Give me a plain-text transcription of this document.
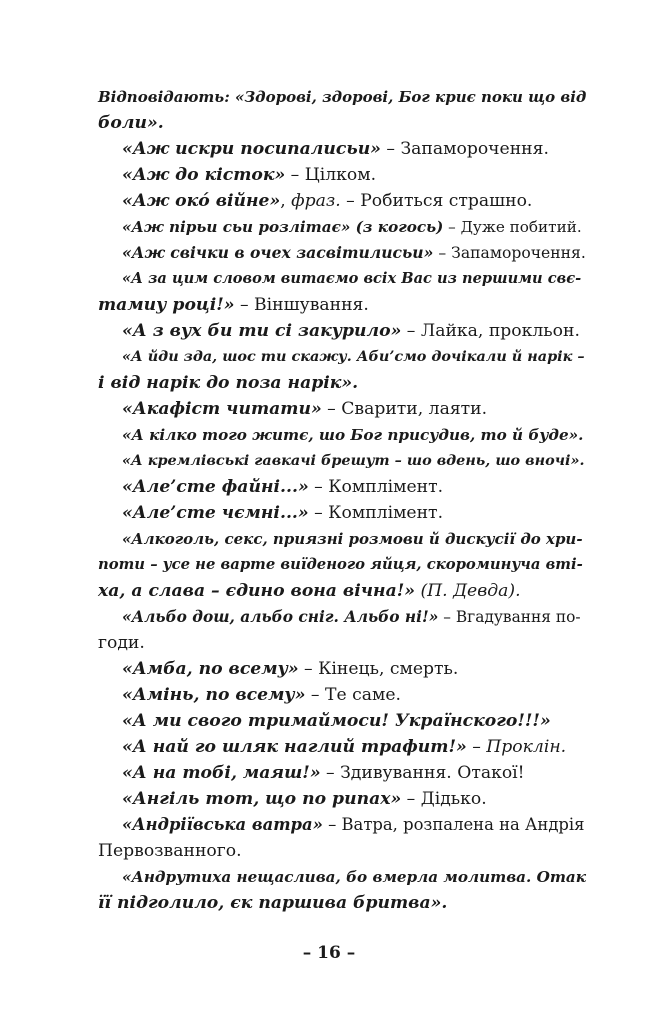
Відповідають: «Здорові, здорові, Бог криє поки що від
боли».
«Аж искри посипалисьи» – Запаморочення.
«Аж до кісток» – Цілком.
«Аж окó війне», фраз. – Робиться страшно.
«Аж пірьи сьи розлітає» (з когось) – Дуже побитий.
«Аж свічки в очех засвітилисьи» – Запаморочення.
«А за цим словом витаємо всіх Вас из першими свє-
тамиу році!» – Віншування.
«А з вух би ти сі закурило» – Лайка, прокльон.
«А йди зда, шос ти скажу. Аби’смо дочікали й нарік –
і від нарік до поза нарік».
«Акафіст читати» – Сварити, лаяти.
«А кілко того житє, шо Бог присудив, то й буде».
«А кремлівські гавкачі брешут – шо вдень, шо вночі».
«Але’сте файні...» – Комплімент.
«Але’сте чємні...» – Комплімент.
«Алкоголь, секс, приязні розмови й дискусії до хри-
поти – усе не варте виїденого яйця, скороминуча вті-
ха, а слава – єдино вона вічна!» (П. Девда).
«Альбо дош, альбо сніг. Альбо ні!» – Вгадування по-
годи.
«Амба, по всему» – Кінець, смерть.
«Амінь, по всему» – Те саме.
«А ми свого тримаймоси! Українского!!!»
«А най го шляк наглий трафит!» – Проклін.
«А на тобі, маяш!» – Здивування. Отакої!
«Ангіль тот, що по рипах» – Дідько.
«Андріївська ватра» – Ватра, розпалена на Андрія
Первозванного.
«Андрутиха нещаслива, бо вмерла молитва. Отак
її підголило, єк паршива бритва».
– 16 –
